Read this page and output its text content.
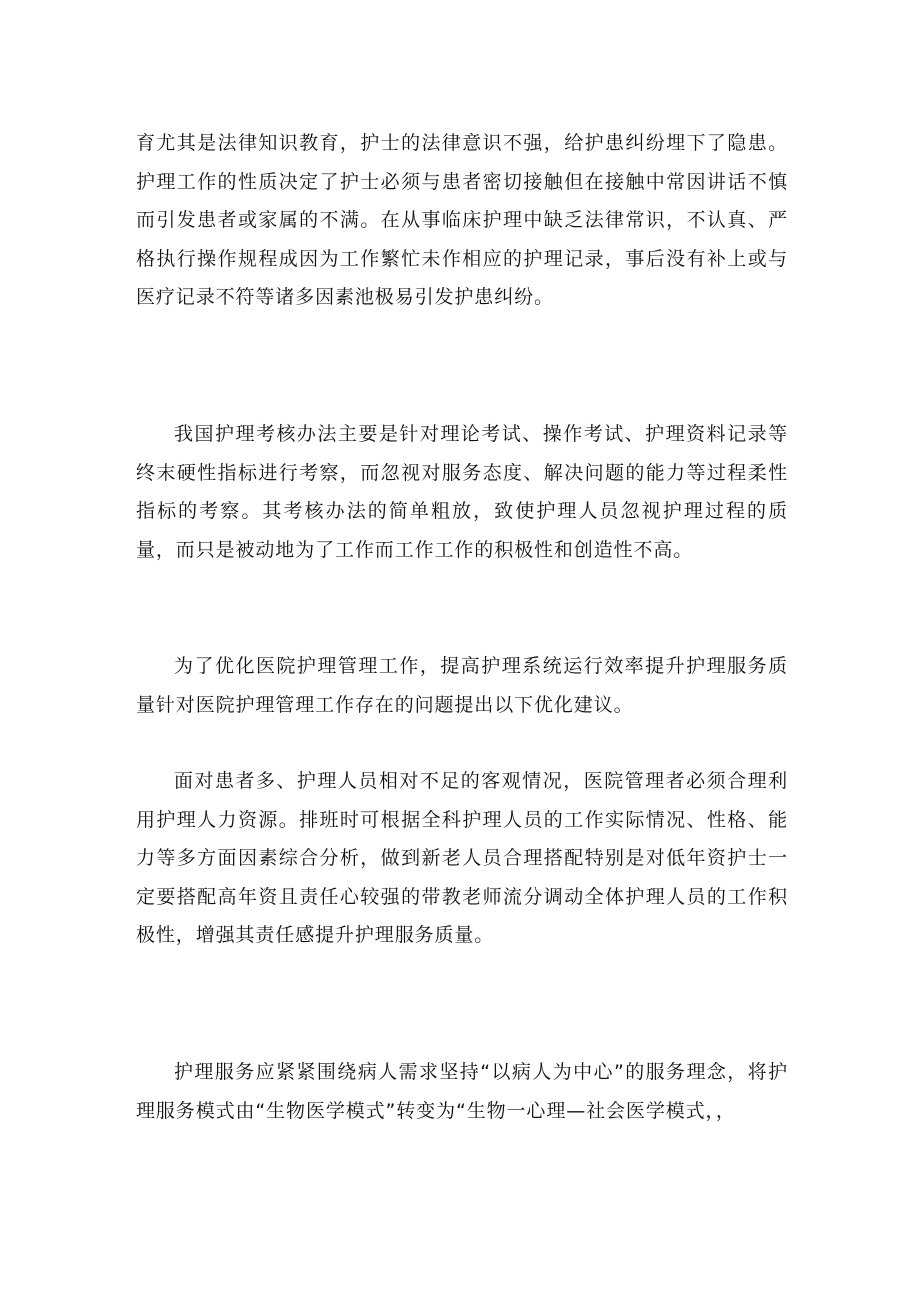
育尤其是法律知识教育，护士的法律意识不强，给护患纠纷埋下了隐患。护理工作的性质决定了护士必须与患者密切接触但在接触中常因讲话不慎而引发患者或家属的不满。在从事临床护理中缺乏法律常识，不认真、严格执行操作规程成因为工作繁忙未作相应的护理记录，事后没有补上或与医疗记录不符等诸多因素池极易引发护患纠纷。

我国护理考核办法主要是针对理论考试、操作考试、护理资料记录等终末硬性指标进行考察，而忽视对服务态度、解决问题的能力等过程柔性指标的考察。其考核办法的简单粗放，致使护理人员忽视护理过程的质量，而只是被动地为了工作而工作工作的积极性和创造性不高。

为了优化医院护理管理工作，提高护理系统运行效率提升护理服务质量针对医院护理管理工作存在的问题提出以下优化建议。

面对患者多、护理人员相对不足的客观情况，医院管理者必须合理利用护理人力资源。排班时可根据全科护理人员的工作实际情况、性格、能力等多方面因素综合分析，做到新老人员合理搭配特别是对低年资护士一定要搭配高年资且责任心较强的带教老师流分调动全体护理人员的工作积极性，增强其责任感提升护理服务质量。

护理服务应紧紧围绕病人需求坚持“以病人为中心”的服务理念，将护理服务模式由“生物医学模式”转变为“生物一心理—社会医学模式，，
